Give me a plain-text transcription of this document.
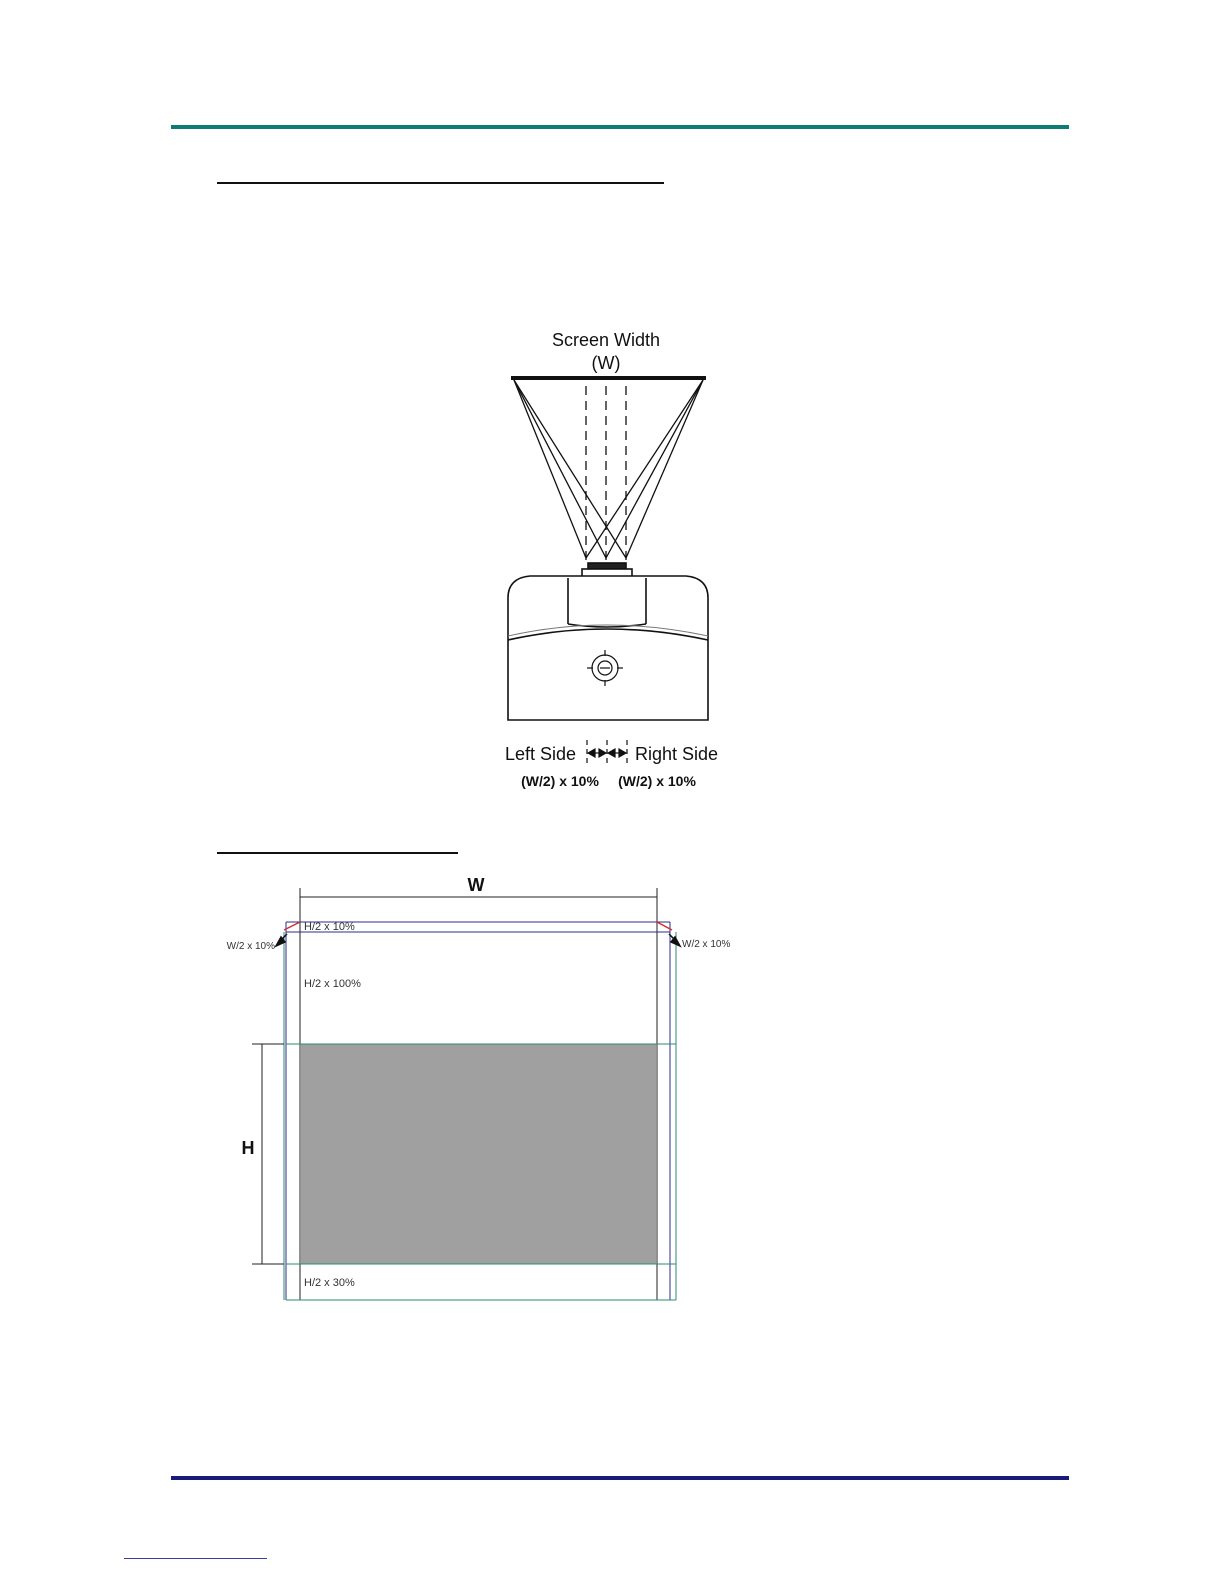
Screen Width
(W)
Left Side	Right Side
(W/2) x 10% (W/2) x 10%
W
H
H/2 x 10%
H/2 x 100%
H/2 x 30%
W/2 x 10%	W/2 x 10%
